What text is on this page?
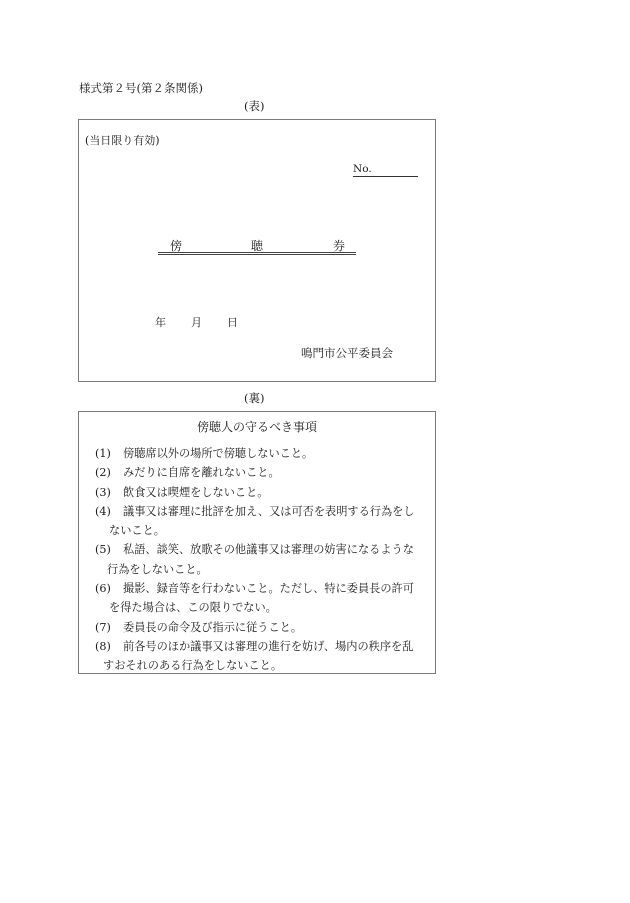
様式第２号(第２条関係)
(表)
(当日限り有効)
No.
傍	聴	券
年 月 日
鳴門市公平委員会
(裏)
傍聴人の守るべき事項
(1) 傍聴席以外の場所で傍聴しないこと。
(2) みだりに自席を離れないこと。
(3) 飲食又は喫煙をしないこと。
(4) 議事又は審理に批評を加え、又は可否を表明する行為をし
ないこと。
(5) 私語、談笑、放歌その他議事又は審理の妨害になるような
行為をしないこと。
(6) 撮影、録音等を行わないこと。ただし、特に委員長の許可
を得た場合は、この限りでない。
(7) 委員長の命令及び指示に従うこと。
(8) 前各号のほか議事又は審理の進行を妨げ、場内の秩序を乱
すおそれのある行為をしないこと。
